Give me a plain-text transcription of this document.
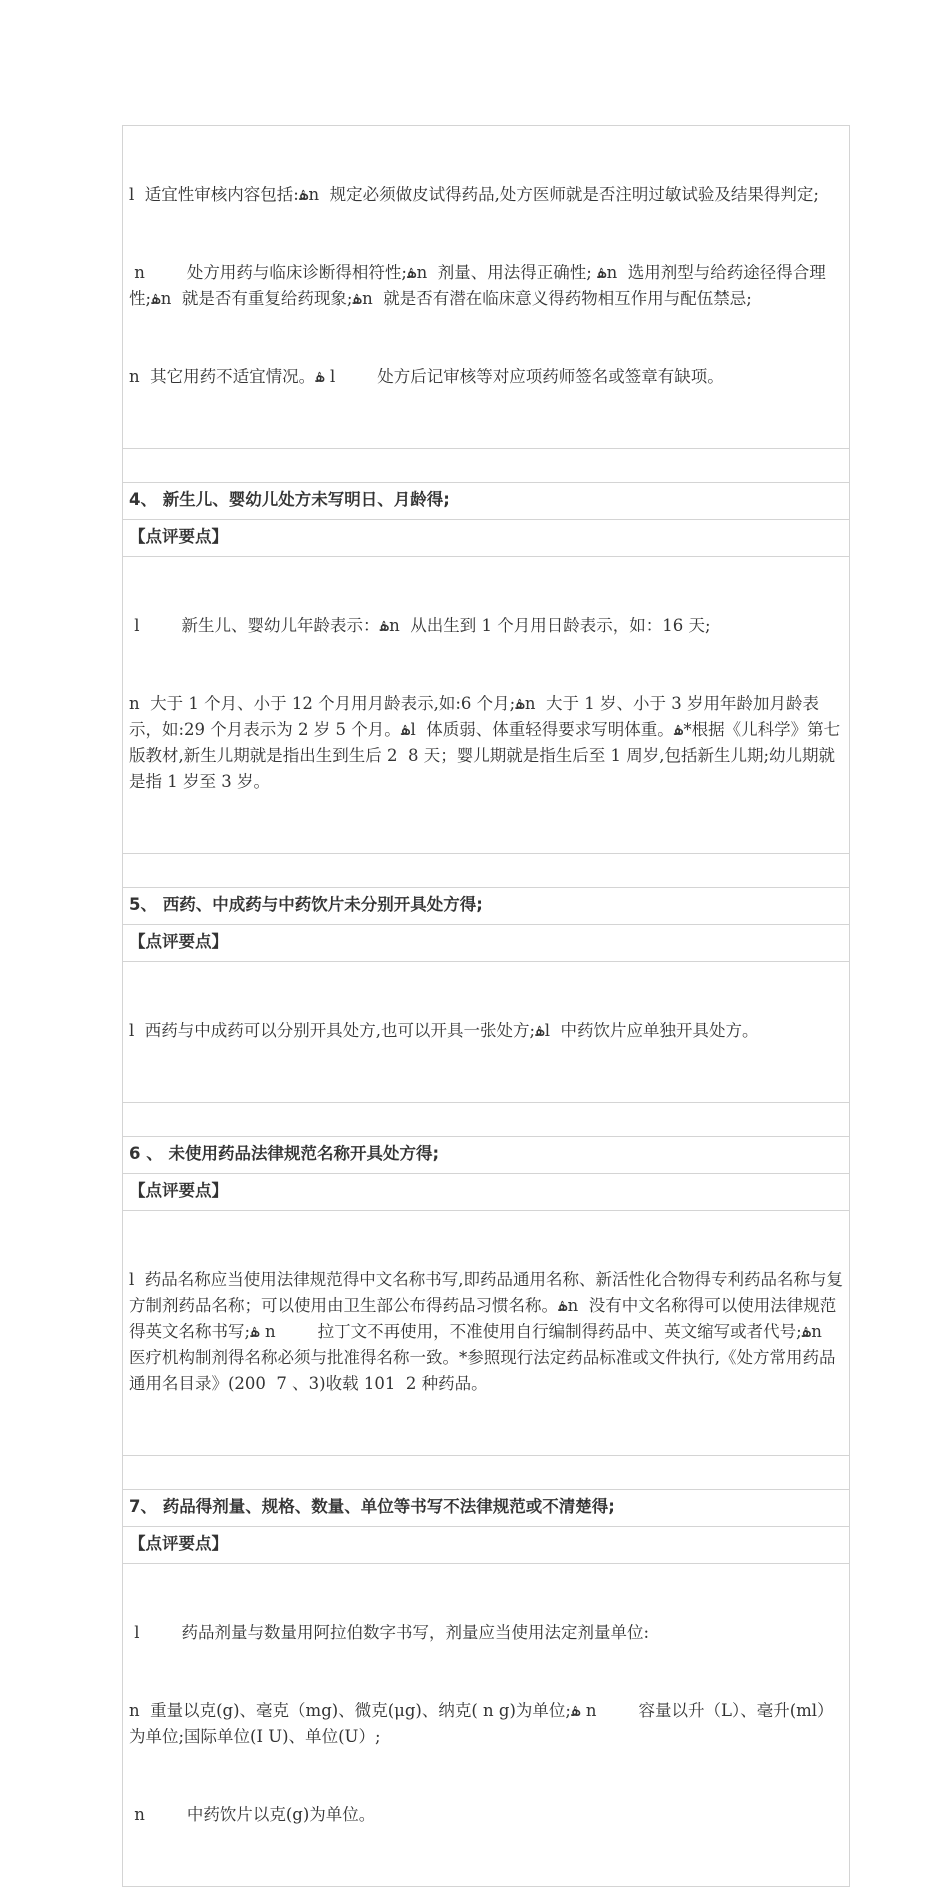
l  适宜性审核内容包括:ۿn  规定必须做皮试得药品,处方医师就是否注明过敏试验及结果得判定;

n        处方用药与临床诊断得相符性;ۿn  剂量、用法得正确性; ۿn  选用剂型与给药途径得合理性;ۿn  就是否有重复给药现象;ۿn  就是否有潜在临床意义得药物相互作用与配伍禁忌;

n  其它用药不适宜情况。ۿ l        处方后记审核等对应项药师签名或签章有缺项。

4、 新生儿、婴幼儿处方未写明日、月龄得;
【点评要点】

l        新生儿、婴幼儿年龄表示：ۿn  从出生到 1 个月用日龄表示，如：16 天;

n  大于 1 个月、小于 12 个月用月龄表示,如:6 个月;ۿn  大于 1 岁、小于 3 岁用年龄加月龄表示，如:29 个月表示为 2 岁 5 个月。ۿl  体质弱、体重轻得要求写明体重。ۿ*根据《儿科学》第七版教材,新生儿期就是指出生到生后 2  8 天；婴儿期就是指生后至 1 周岁,包括新生儿期;幼儿期就是指 1 岁至 3 岁。

5、 西药、中成药与中药饮片未分别开具处方得;
【点评要点】

l  西药与中成药可以分别开具处方,也可以开具一张处方;ۿl  中药饮片应单独开具处方。

6 、 未使用药品法律规范名称开具处方得;
【点评要点】

l  药品名称应当使用法律规范得中文名称书写,即药品通用名称、新活性化合物得专利药品名称与复方制剂药品名称；可以使用由卫生部公布得药品习惯名称。ۿn  没有中文名称得可以使用法律规范得英文名称书写;ۿ n        拉丁文不再使用，不准使用自行编制得药品中、英文缩写或者代号;ۿn  医疗机构制剂得名称必须与批准得名称一致。*参照现行法定药品标准或文件执行,《处方常用药品通用名目录》(200  7 、3)收载 101  2 种药品。

7、 药品得剂量、规格、数量、单位等书写不法律规范或不清楚得;
【点评要点】

l        药品剂量与数量用阿拉伯数字书写，剂量应当使用法定剂量单位:

n  重量以克(g)、毫克（mg)、微克(μg)、纳克( n g)为单位;ۿ n        容量以升（L）、毫升(ml）为单位;国际单位(I U)、单位(U）;

n        中药饮片以克(g)为单位。
